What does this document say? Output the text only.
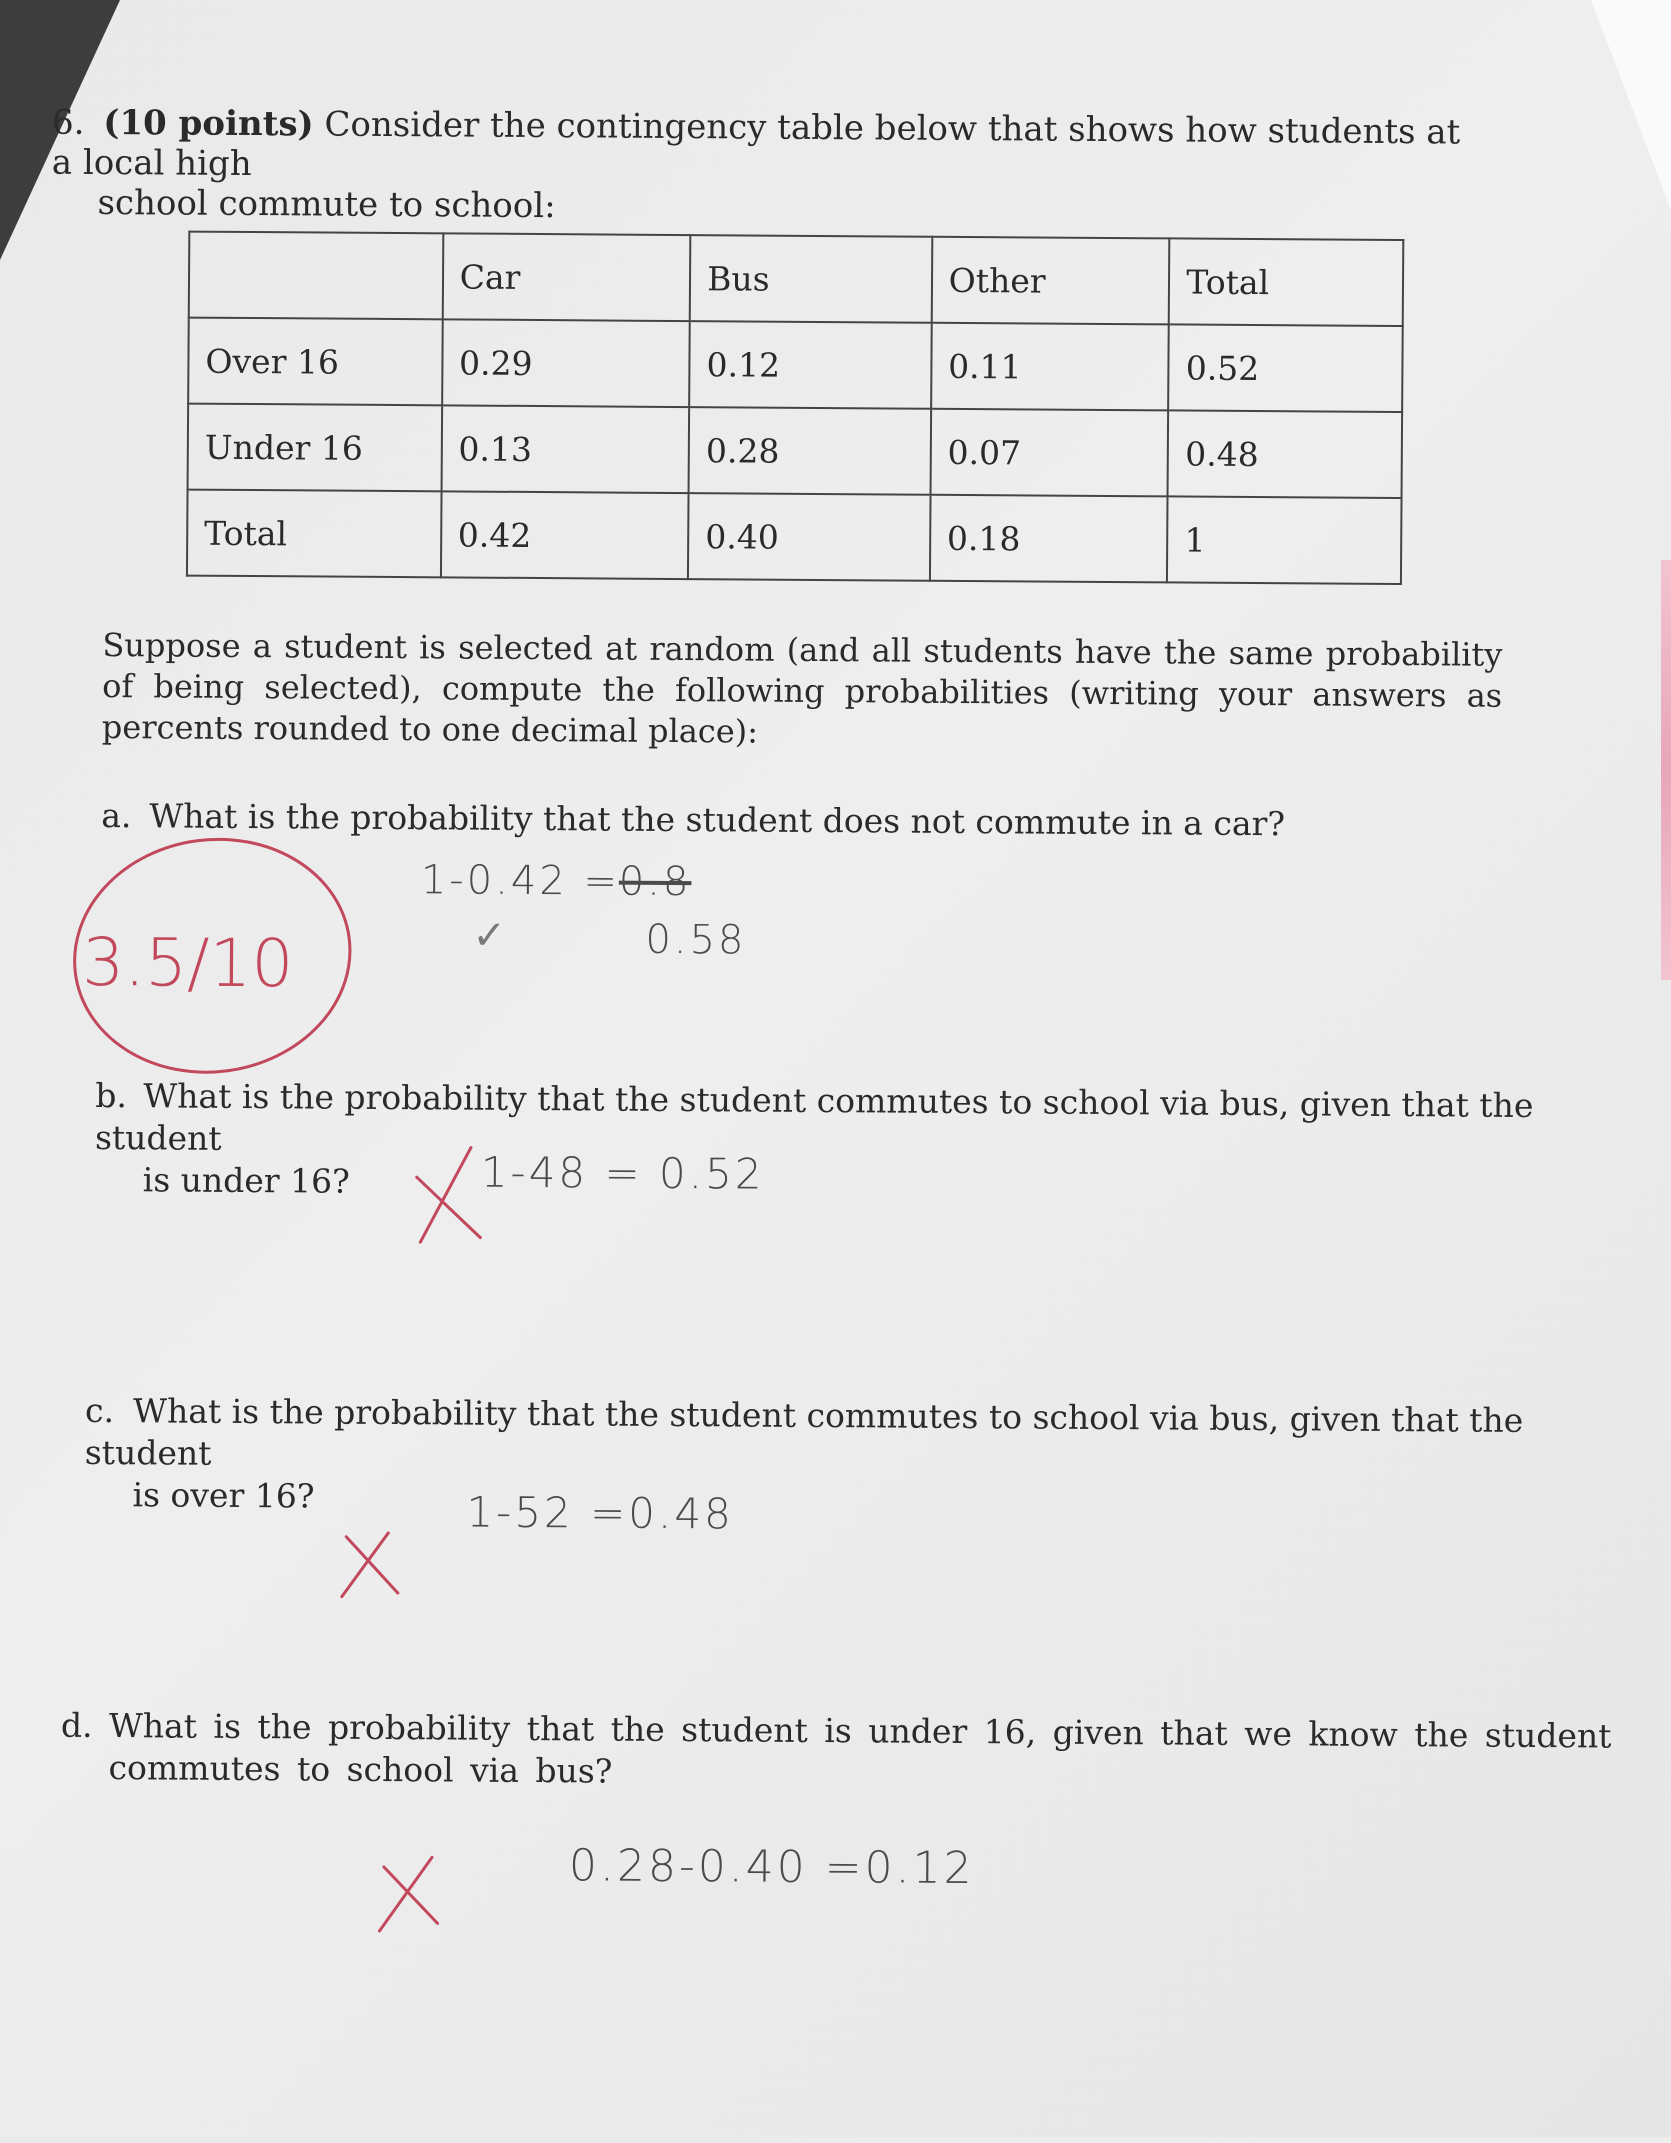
6. (10 points) Consider the contingency table below that shows how students at a local high
school commute to school:
	Car	Bus	Other	Total
Over 16	0.29	0.12	0.11	0.52
Under 16	0.13	0.28	0.07	0.48
Total	0.42	0.40	0.18	1
Suppose a student is selected at random (and all students have the same probability of being selected), compute the following probabilities (writing your answers as percents rounded to one decimal place):
a. What is the probability that the student does not commute in a car?
b. What is the probability that the student commutes to school via bus, given that the student
is under 16?
c. What is the probability that the student commutes to school via bus, given that the student
is over 16?
d. What is the probability that the student is under 16, given that we know the student
commutes to school via bus?
1-0.42 =
0.8
0.58
✓
1-48 = 0.52
1-52 =0.48
0.28-0.40 =0.12
3.5/10
